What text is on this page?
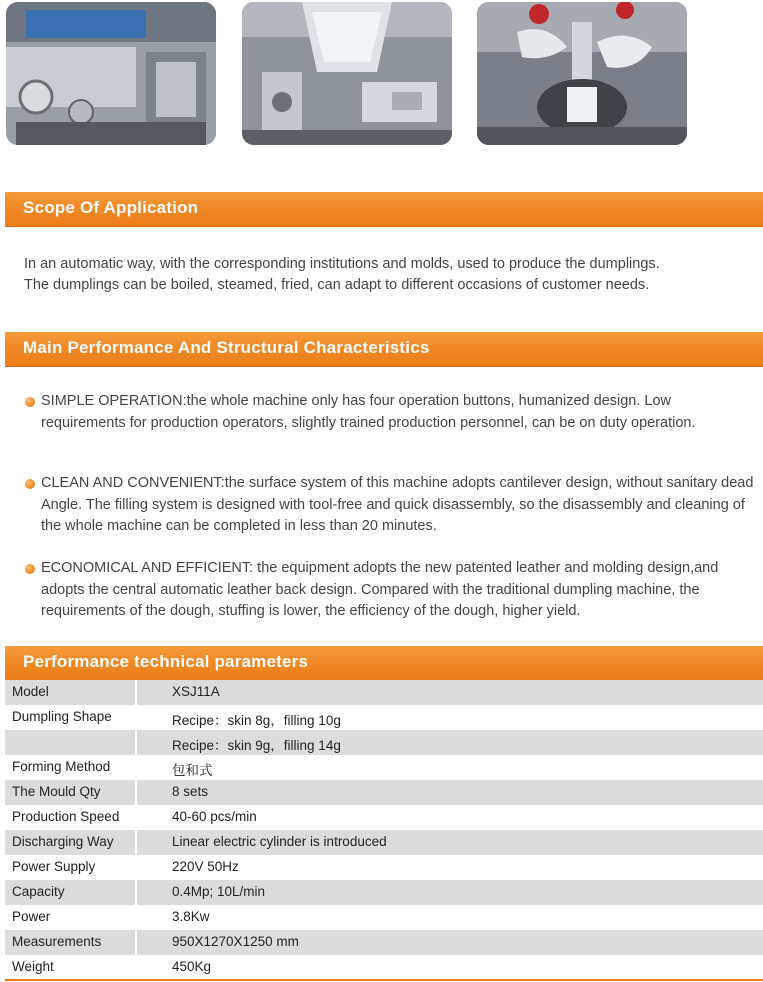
Scope Of Application
In an automatic way, with the corresponding institutions and molds, used to produce the dumplings.
The dumplings can be boiled, steamed, fried, can adapt to different occasions of customer needs.
Main Performance And Structural Characteristics
SIMPLE OPERATION:the whole machine only has four operation buttons, humanized design. Low requirements for production operators, slightly trained production personnel, can be on duty operation.
CLEAN AND CONVENIENT:the surface system of this machine adopts cantilever design, without sanitary dead Angle. The filling system is designed with tool-free and quick disassembly, so the disassembly and cleaning of the whole machine can be completed in less than 20 minutes.
ECONOMICAL AND EFFICIENT: the equipment adopts the new patented leather and molding design,and adopts the central automatic leather back design. Compared with the traditional dumpling machine, the requirements of the dough, stuffing is lower, the efficiency of the dough, higher yield.
Performance technical parameters
Model	XSJ11A
Dumpling Shape	Recipe：skin 8g，filling 10g
Recipe：skin 9g，filling 14g
Forming Method	包和式
The Mould Qty	8 sets
Production Speed	40-60 pcs/min
Discharging Way	Linear electric cylinder is introduced
Power Supply	220V 50Hz
Capacity	0.4Mp; 10L/min
Power	3.8Kw
Measurements	950X1270X1250 mm
Weight	450Kg
